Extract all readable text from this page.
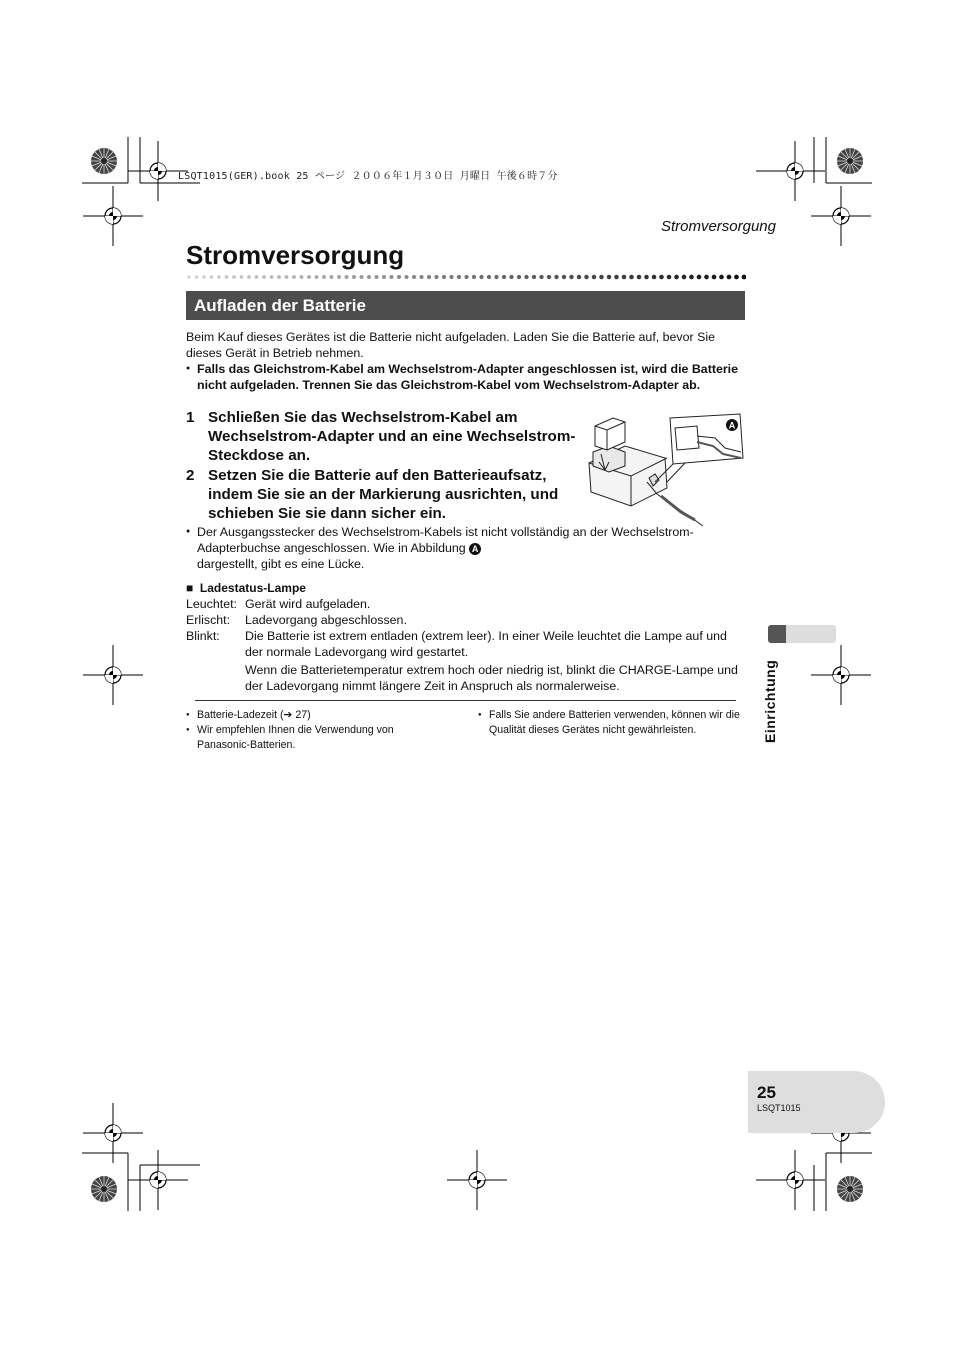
LSQT1015(GER).book 25 ページ ２００６年１月３０日 月曜日 午後６時７分
Stromversorgung
Stromversorgung
Aufladen der Batterie
Beim Kauf dieses Gerätes ist die Batterie nicht aufgeladen. Laden Sie die Batterie auf, bevor Sie dieses Gerät in Betrieb nehmen.
● Falls das Gleichstrom-Kabel am Wechselstrom-Adapter angeschlossen ist, wird die Batterie nicht aufgeladen. Trennen Sie das Gleichstrom-Kabel vom Wechselstrom-Adapter ab.
1 Schließen Sie das Wechselstrom-Kabel am Wechselstrom-Adapter und an eine Wechselstrom-Steckdose an.
2 Setzen Sie die Batterie auf den Batterieaufsatz, indem Sie sie an der Markierung ausrichten, und schieben Sie sie dann sicher ein.
A
● Der Ausgangsstecker des Wechselstrom-Kabels ist nicht vollständig an der Wechselstrom-Adapterbuchse angeschlossen. Wie in Abbildung A
dargestellt, gibt es eine Lücke.
■  Ladestatus-Lampe
Leuchtet: Gerät wird aufgeladen.
Erlischt:	Ladevorgang abgeschlossen.
Blinkt:	Die Batterie ist extrem entladen (extrem leer). In einer Weile leuchtet die Lampe auf und der normale Ladevorgang wird gestartet.
Wenn die Batterietemperatur extrem hoch oder niedrig ist, blinkt die CHARGE-Lampe und der Ladevorgang nimmt längere Zeit in Anspruch als normalerweise.
● Batterie-Ladezeit (➔ 27)
● Wir empfehlen Ihnen die Verwendung von Panasonic-Batterien.
● Falls Sie andere Batterien verwenden, können wir die Qualität dieses Gerätes nicht gewährleisten.	Einrichtung
25
LSQT1015
